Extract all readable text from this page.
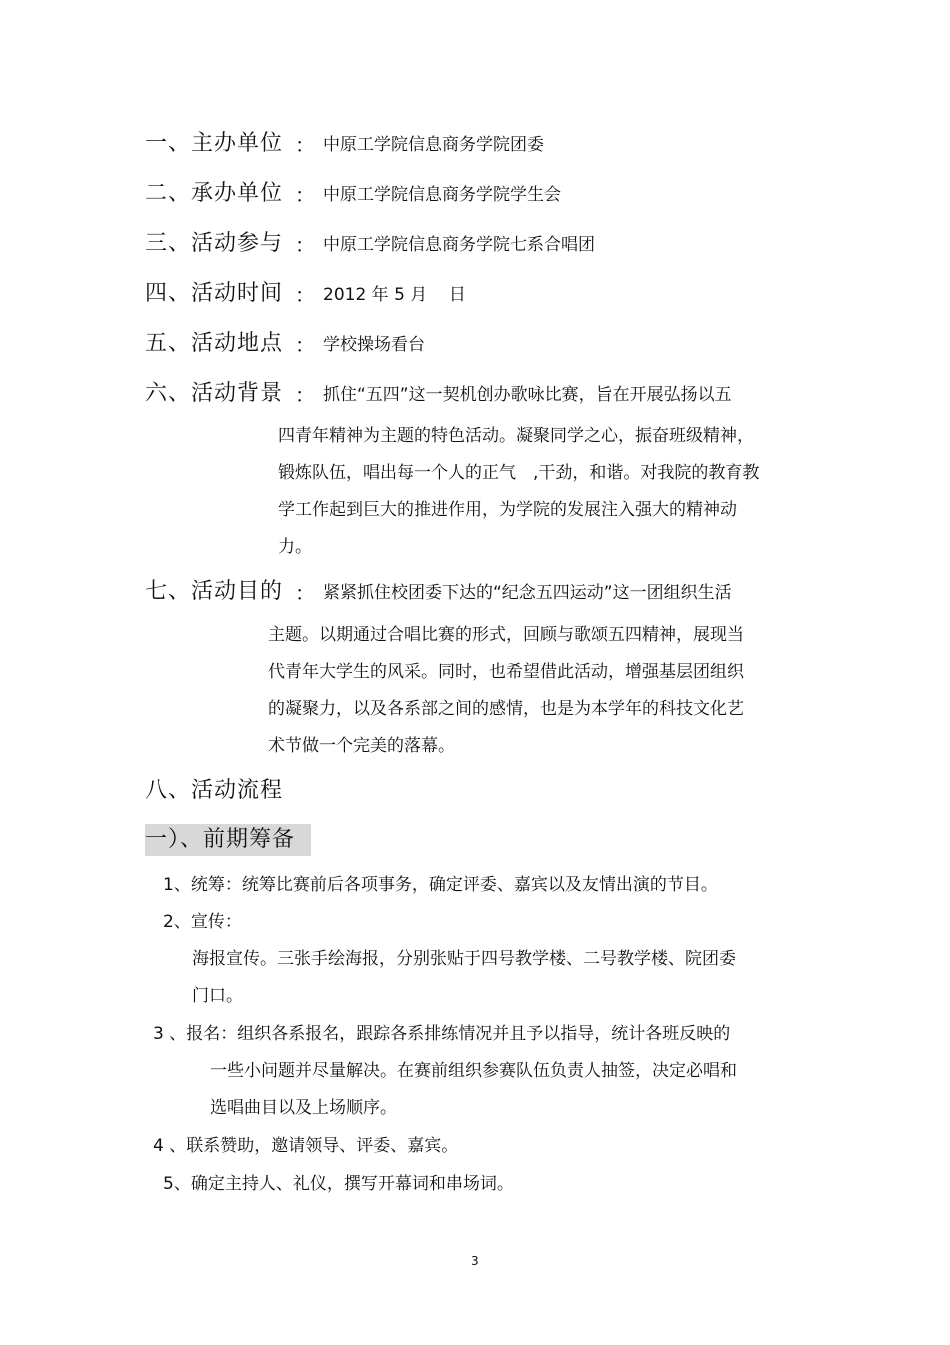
一、主办单位 ： 中原工学院信息商务学院团委
二、承办单位 ： 中原工学院信息商务学院学生会
三、活动参与 ： 中原工学院信息商务学院七系合唱团
四、活动时间 ： 2012 年 5 月    日
五、活动地点 ： 学校操场看台
六、活动背景 ： 抓住“五四”这一契机创办歌咏比赛，旨在开展弘扬以五
四青年精神为主题的特色活动。凝聚同学之心，振奋班级精神，
锻炼队伍，唱出每一个人的正气　,干劲，和谐。对我院的教育教
学工作起到巨大的推进作用，为学院的发展注入强大的精神动
力。
七、活动目的 ： 紧紧抓住校团委下达的“纪念五四运动”这一团组织生活
主题。以期通过合唱比赛的形式，回顾与歌颂五四精神，展现当
代青年大学生的风采。同时，也希望借此活动，增强基层团组织
的凝聚力，以及各系部之间的感情，也是为本学年的科技文化艺
术节做一个完美的落幕。
八、活动流程
一）、前期筹备
1、统筹：统筹比赛前后各项事务，确定评委、嘉宾以及友情出演的节目。
2、宣传：
海报宣传。三张手绘海报，分别张贴于四号教学楼、二号教学楼、院团委
门口。
3 、报名：组织各系报名，跟踪各系排练情况并且予以指导，统计各班反映的
一些小问题并尽量解决。在赛前组织参赛队伍负责人抽签，决定必唱和
选唱曲目以及上场顺序。
4 、联系赞助，邀请领导、评委、嘉宾。
5、确定主持人、礼仪，撰写开幕词和串场词。
3
